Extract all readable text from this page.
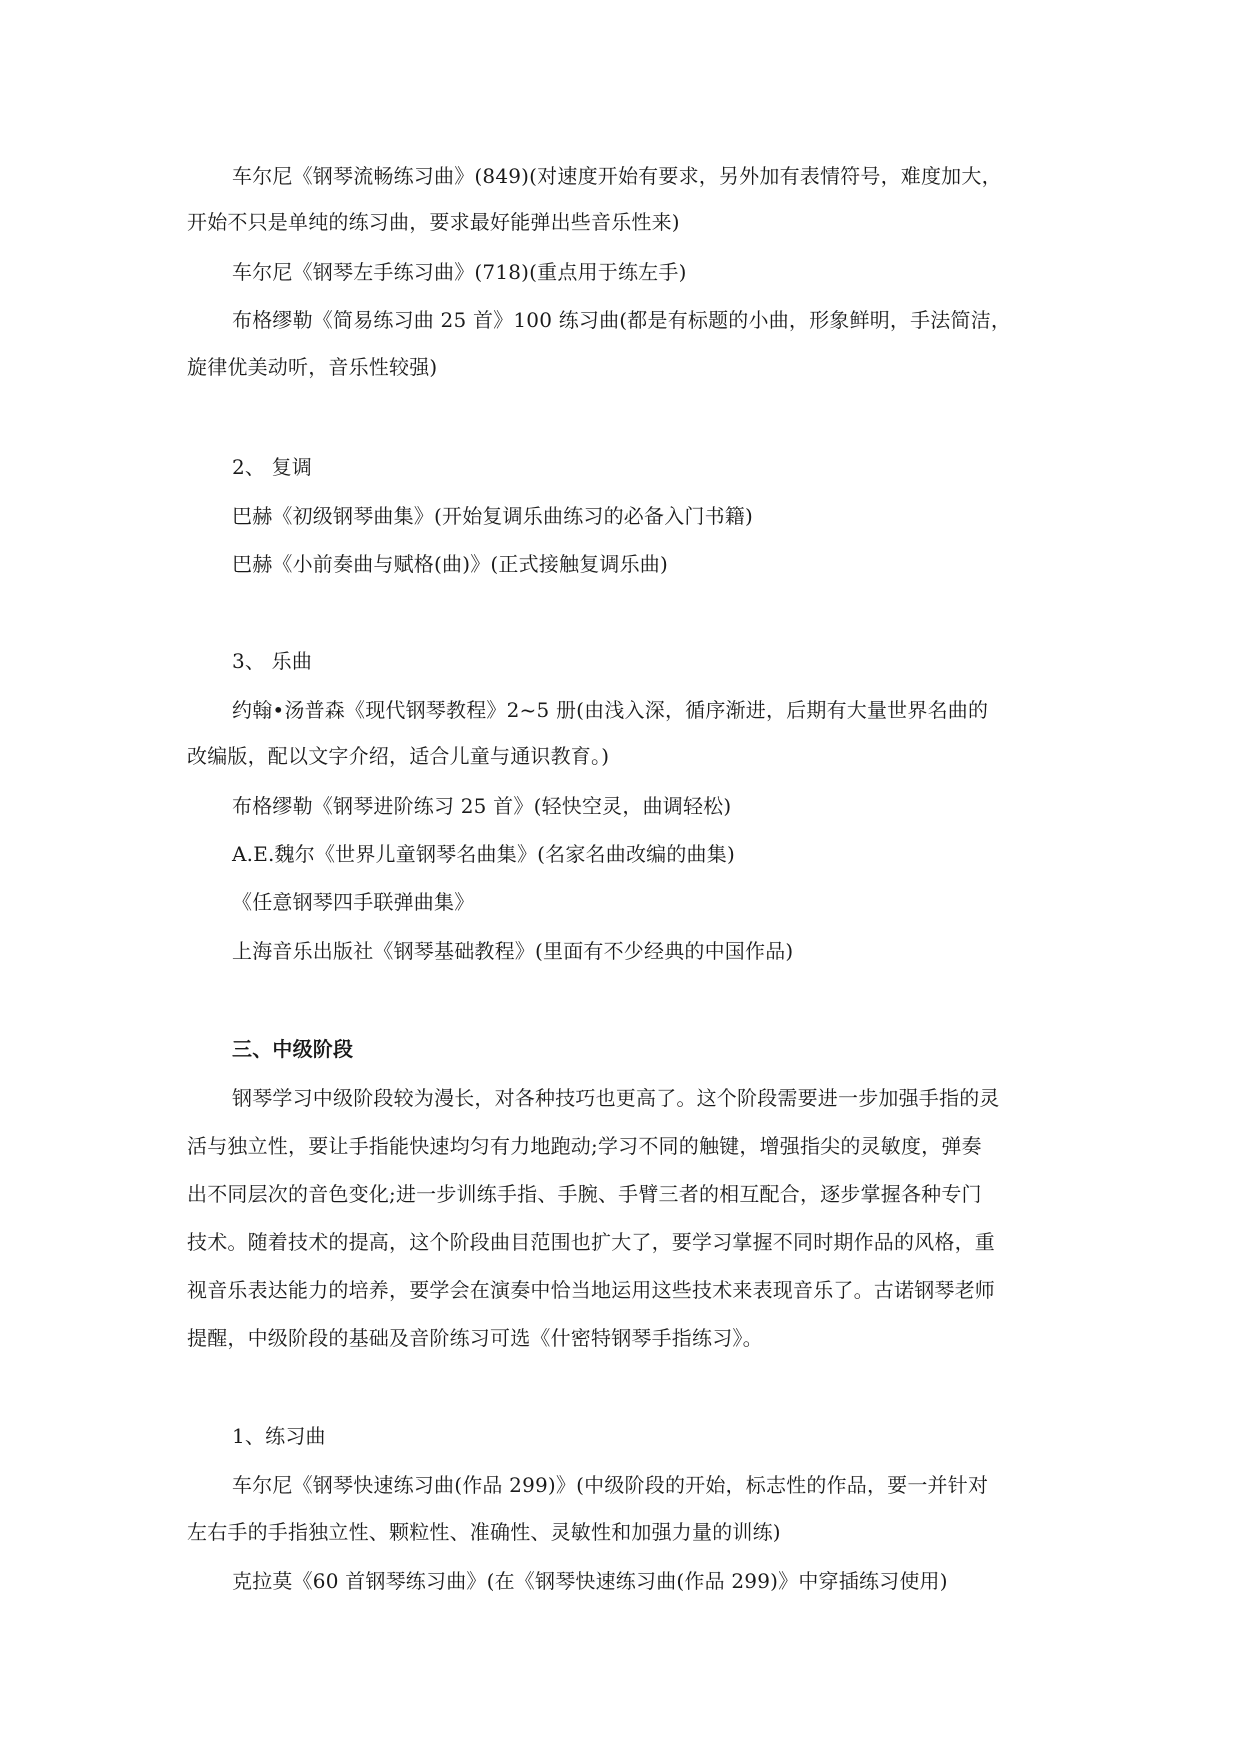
车尔尼《钢琴流畅练习曲》(849)(对速度开始有要求，另外加有表情符号，难度加大，
开始不只是单纯的练习曲，要求最好能弹出些音乐性来)
车尔尼《钢琴左手练习曲》(718)(重点用于练左手)
布格缪勒《简易练习曲 25 首》100 练习曲(都是有标题的小曲，形象鲜明，手法简洁，
旋律优美动听，音乐性较强)
2、 复调
巴赫《初级钢琴曲集》(开始复调乐曲练习的必备入门书籍)
巴赫《小前奏曲与赋格(曲)》(正式接触复调乐曲)
3、 乐曲
约翰•汤普森《现代钢琴教程》2~5 册(由浅入深，循序渐进，后期有大量世界名曲的
改编版，配以文字介绍，适合儿童与通识教育。)
布格缪勒《钢琴进阶练习 25 首》(轻快空灵，曲调轻松)
A.E.魏尔《世界儿童钢琴名曲集》(名家名曲改编的曲集)
《任意钢琴四手联弹曲集》
上海音乐出版社《钢琴基础教程》(里面有不少经典的中国作品)
三、中级阶段
钢琴学习中级阶段较为漫长，对各种技巧也更高了。这个阶段需要进一步加强手指的灵
活与独立性，要让手指能快速均匀有力地跑动;学习不同的触键，增强指尖的灵敏度，弹奏
出不同层次的音色变化;进一步训练手指、手腕、手臂三者的相互配合，逐步掌握各种专门
技术。随着技术的提高，这个阶段曲目范围也扩大了，要学习掌握不同时期作品的风格，重
视音乐表达能力的培养，要学会在演奏中恰当地运用这些技术来表现音乐了。古诺钢琴老师
提醒，中级阶段的基础及音阶练习可选《什密特钢琴手指练习》。
1、练习曲
车尔尼《钢琴快速练习曲(作品 299)》(中级阶段的开始，标志性的作品，要一并针对
左右手的手指独立性、颗粒性、准确性、灵敏性和加强力量的训练)
克拉莫《60 首钢琴练习曲》(在《钢琴快速练习曲(作品 299)》中穿插练习使用)
